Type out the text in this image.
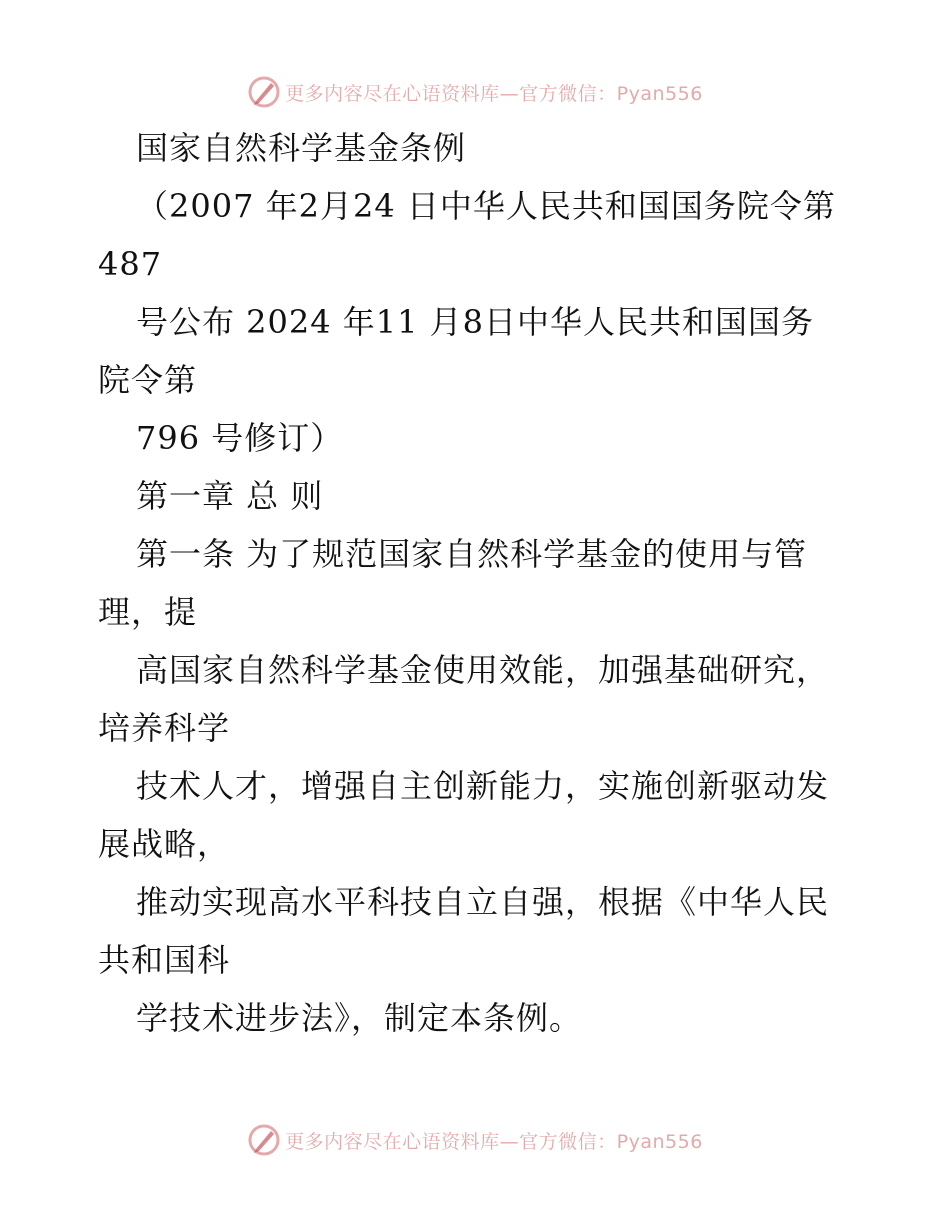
更多内容尽在心语资料库—官方微信：Pyan556
国家自然科学基金条例
（2007 年2月24 日中华人民共和国国务院令第
487
号公布 2024 年11 月8日中华人民共和国国务
院令第
796 号修订）
第一章 总 则
第一条 为了规范国家自然科学基金的使用与管
理，提
高国家自然科学基金使用效能，加强基础研究，
培养科学
技术人才，增强自主创新能力，实施创新驱动发
展战略，
推动实现高水平科技自立自强，根据《中华人民
共和国科
学技术进步法》，制定本条例。
更多内容尽在心语资料库—官方微信：Pyan556
